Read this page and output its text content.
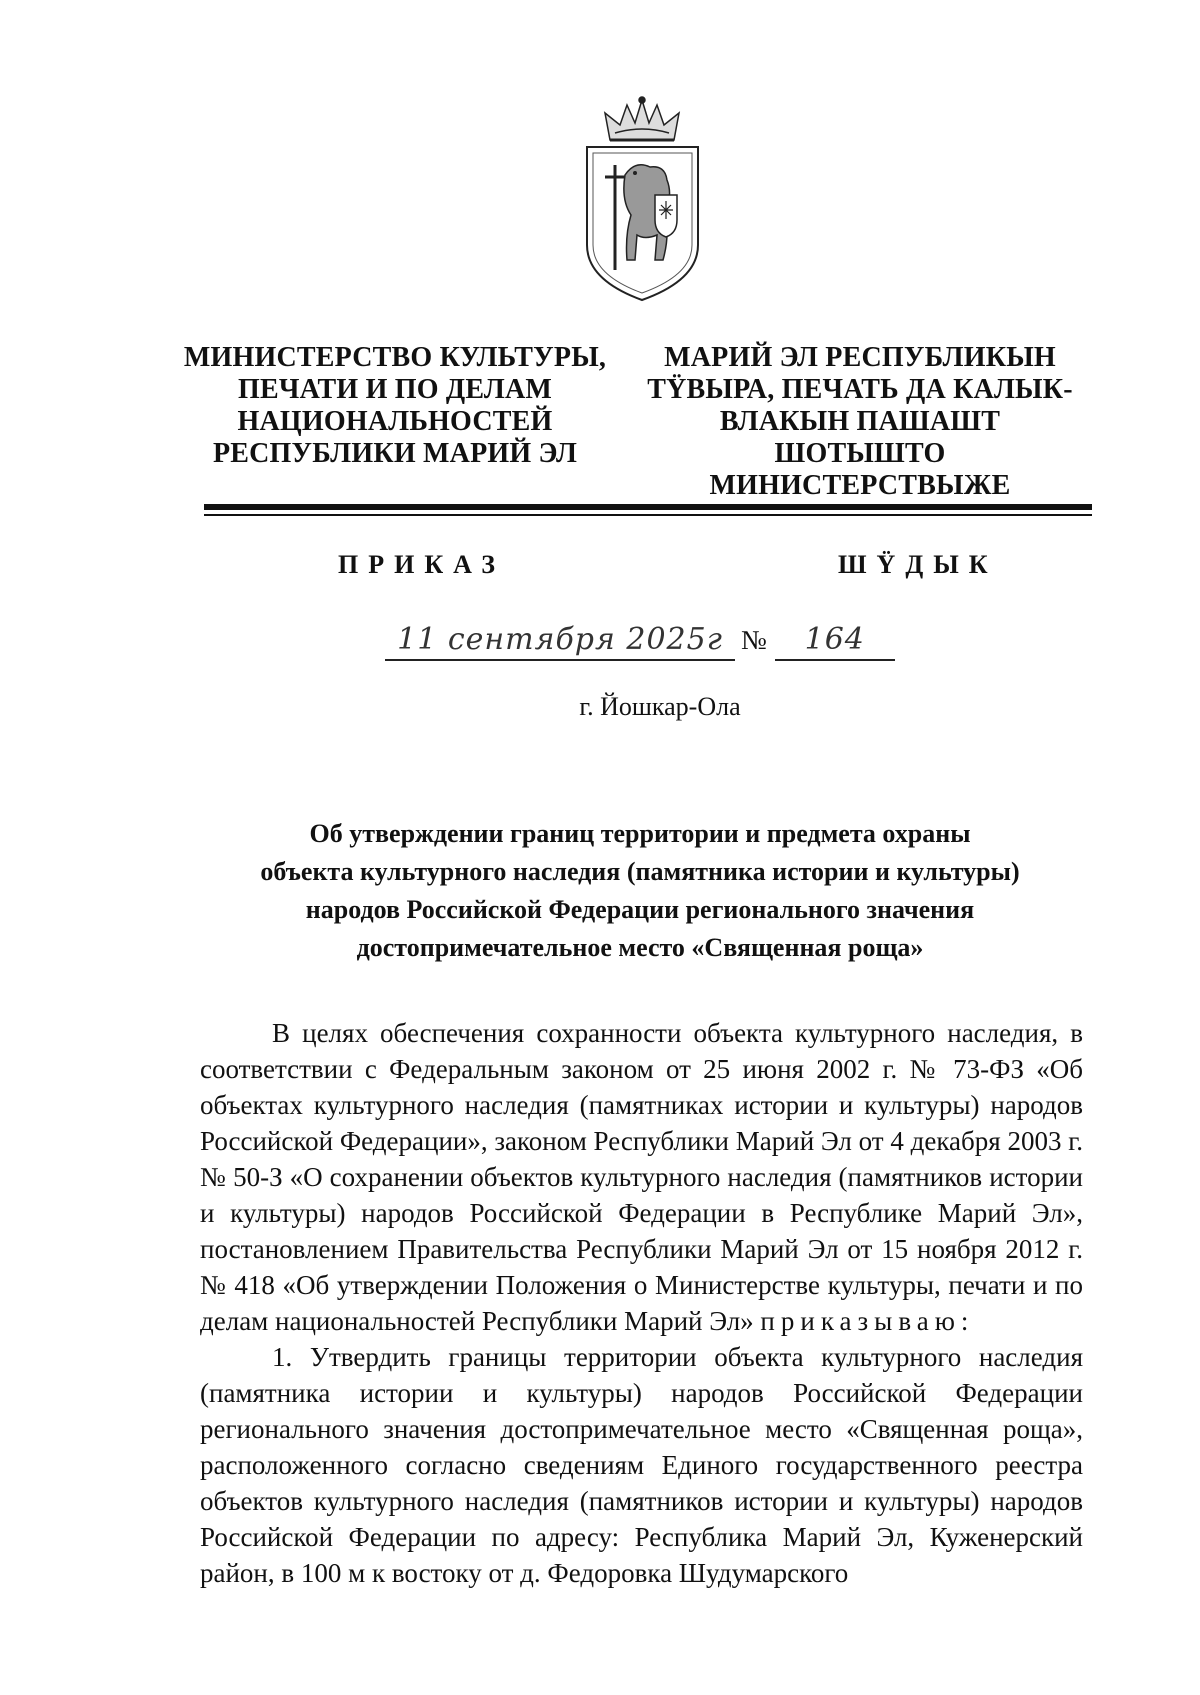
МИНИСТЕРСТВО КУЛЬТУРЫ,
ПЕЧАТИ И ПО ДЕЛАМ
НАЦИОНАЛЬНОСТЕЙ
РЕСПУБЛИКИ МАРИЙ ЭЛ
МАРИЙ ЭЛ РЕСПУБЛИКЫН
ТŸВЫРА, ПЕЧАТЬ ДА КАЛЫК-
ВЛАКЫН ПАШАШТ ШОТЫШТО
МИНИСТЕРСТВЫЖЕ
ПРИКАЗ	ШŸДЫК
11 сентября 2025г № 164
г. Йошкар-Ола
Об утверждении границ территории и предмета охраны
объекта культурного наследия (памятника истории и культуры)
народов Российской Федерации регионального значения
достопримечательное место «Священная роща»

В целях обеспечения сохранности объекта культурного наследия, в соответствии с Федеральным законом от 25 июня 2002 г. № 73-ФЗ «Об объектах культурного наследия (памятниках истории и культуры) народов Российской Федерации», законом Республики Марий Эл от 4 декабря 2003 г. № 50-З «О сохранении объектов культурного наследия (памятников истории и культуры) народов Российской Федерации в Республике Марий Эл», постановлением Правительства Республики Марий Эл от 15 ноября 2012 г. № 418 «Об утверждении Положения о Министерстве культуры, печати и по делам национальностей Республики Марий Эл» приказываю:

1. Утвердить границы территории объекта культурного наследия (памятника истории и культуры) народов Российской Федерации регионального значения достопримечательное место «Священная роща», расположенного согласно сведениям Единого государственного реестра объектов культурного наследия (памятников истории и культуры) народов Российской Федерации по адресу: Республика Марий Эл, Куженерский район, в 100 м к востоку от д. Федоровка Шудумарского
